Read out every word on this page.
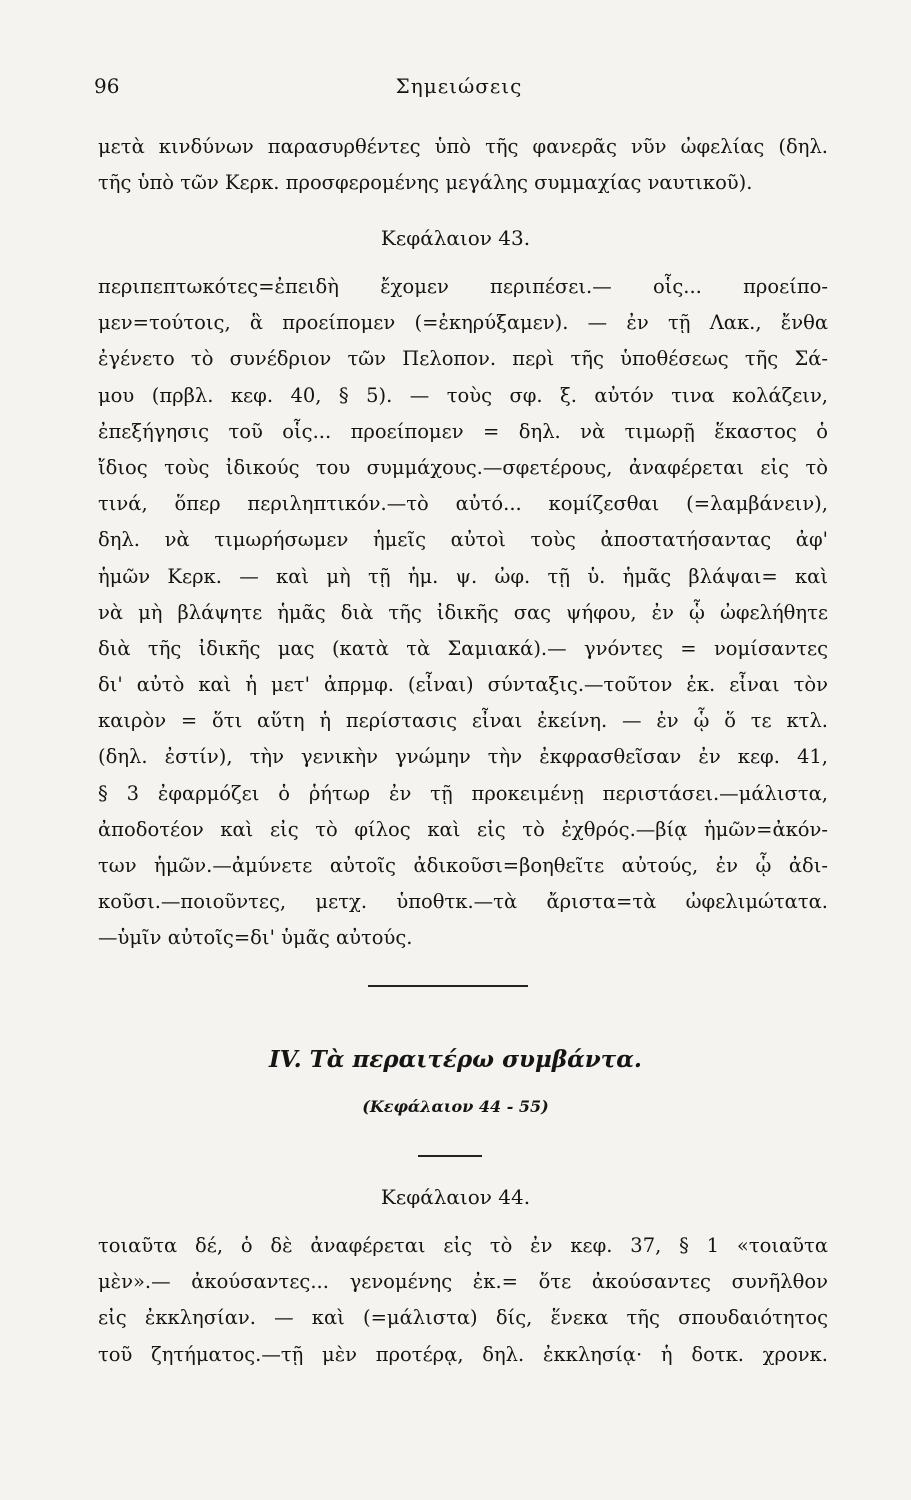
96	Σημειώσεις
μετὰ κινδύνων παρασυρθέντες ὑπὸ τῆς φανερᾶς νῦν ὠφελίας (δηλ.
τῆς ὑπὸ τῶν Κερκ. προσφερομένης μεγάλης συμμαχίας ναυτικοῦ).
Κεφάλαιον 43.
περιπεπτωκότες=ἐπειδὴ ἔχομεν περιπέσει.— οἷς... προείπο-
μεν=τούτοις, ἃ προείπομεν (=ἐκηρύξαμεν). — ἐν τῇ Λακ., ἔνθα
ἐγένετο τὸ συνέδριον τῶν Πελοπον. περὶ τῆς ὑποθέσεως τῆς Σά-
μου (πρβλ. κεφ. 40, § 5). — τοὺς σφ. ξ. αὐτόν τινα κολάζειν,
ἐπεξήγησις τοῦ οἷς... προείπομεν = δηλ. νὰ τιμωρῇ ἕκαστος ὁ
ἴδιος τοὺς ἰδικούς του συμμάχους.—σφετέρους, ἀναφέρεται εἰς τὸ
τινά, ὅπερ περιληπτικόν.—τὸ αὐτό... κομίζεσθαι (=λαμβάνειν),
δηλ. νὰ τιμωρήσωμεν ἡμεῖς αὐτοὶ τοὺς ἀποστατήσαντας ἀφ'
ἡμῶν Κερκ. — καὶ μὴ τῇ ἡμ. ψ. ὠφ. τῇ ὑ. ἡμᾶς βλάψαι= καὶ
νὰ μὴ βλάψητε ἡμᾶς διὰ τῆς ἰδικῆς σας ψήφου, ἐν ᾧ ὠφελήθητε
διὰ τῆς ἰδικῆς μας (κατὰ τὰ Σαμιακά).— γνόντες = νομίσαντες
δι' αὐτὸ καὶ ἡ μετ' ἀπρμφ. (εἶναι) σύνταξις.—τοῦτον ἐκ. εἶναι τὸν
καιρὸν = ὅτι αὕτη ἡ περίστασις εἶναι ἐκείνη. — ἐν ᾧ ὅ τε κτλ.
(δηλ. ἐστίν), τὴν γενικὴν γνώμην τὴν ἐκφρασθεῖσαν ἐν κεφ. 41,
§ 3 ἐφαρμόζει ὁ ῥήτωρ ἐν τῇ προκειμένῃ περιστάσει.—μάλιστα,
ἀποδοτέον καὶ εἰς τὸ φίλος καὶ εἰς τὸ ἐχθρός.—βίᾳ ἡμῶν=ἀκόν-
των ἡμῶν.—ἀμύνετε αὐτοῖς ἀδικοῦσι=βοηθεῖτε αὐτούς, ἐν ᾧ ἀδι-
κοῦσι.—ποιοῦντες, μετχ. ὑποθτκ.—τὰ ἄριστα=τὰ ὠφελιμώτατα.
—ὑμῖν αὐτοῖς=δι' ὑμᾶς αὐτούς.
IV. Τὰ περαιτέρω συμβάντα.
(Κεφάλαιον 44 - 55)
Κεφάλαιον 44.
τοιαῦτα δέ, ὁ δὲ ἀναφέρεται εἰς τὸ ἐν κεφ. 37, § 1 «τοιαῦτα
μὲν».— ἀκούσαντες... γενομένης ἐκ.= ὅτε ἀκούσαντες συνῆλθον
εἰς ἐκκλησίαν. — καὶ (=μάλιστα) δίς, ἕνεκα τῆς σπουδαιότητος
τοῦ ζητήματος.—τῇ μὲν προτέρᾳ, δηλ. ἐκκλησίᾳ· ἡ δοτκ. χρονκ.
